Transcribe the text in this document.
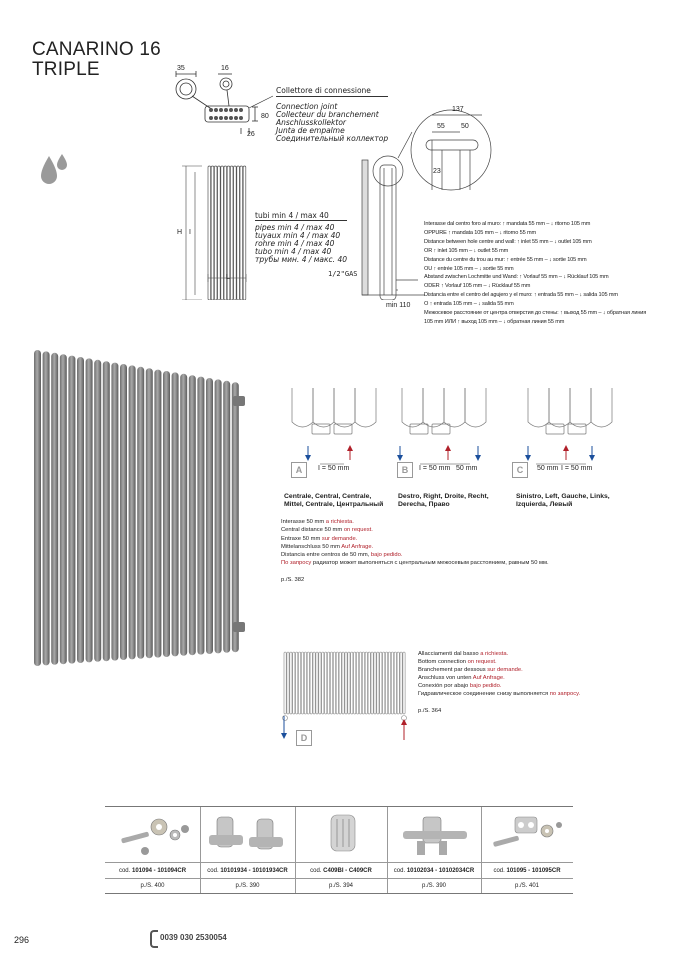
CANARINO 16
TRIPLE	35	16
80
26
Collettore di connessione
Connection joint
Collecteur du branchement
Anschlusskollektor
Junta de empalme
Соединительный коллектор
H I
L
tubi min 4 / max 40
pipes min 4 / max 40
tuyaux min 4 / max 40
rohre min 4 / max 40
tubo min 4 / max 40
трубы мин. 4 / макс. 40
137
55 50
23
1/2"GAS
min 110
Interasse dal centro foro al muro: ↑ mandata 55 mm – ↓ ritorno 105 mm
OPPURE ↑ mandata 105 mm – ↓ ritorno 55 mm
Distance between hole centre and wall: ↑ inlet 55 mm – ↓ outlet 105 mm
OR ↑ inlet 105 mm – ↓ outlet 55 mm
Distance du centre du trou au mur: ↑ entrée 55 mm – ↓ sortie 105 mm
OU ↑ entrée 105 mm – ↓ sortie 55 mm
Abstand zwischen Lochmitte und Wand: ↑ Vorlauf 55 mm – ↓ Rücklauf 105 mm
ODER ↑ Vorlauf 105 mm – ↓ Rücklauf 55 mm
Distancia entre el centro del agujero y el muro: ↑ entrada 55 mm – ↓ salida 105 mm
O ↑ entrada 105 mm – ↓ salida 55 mm
Межосевое расстояние от центра отверстия до стены: ↑ выход 55 mm – ↓ обратная линия
105 mm ИЛИ ↑ выход 105 mm – ↓ обратная линия 55 mm
A	I = 50 mm	B	I = 50 mm 50 mm	C	50 mm I = 50 mm
Centrale, Central, Centrale, Mittel, Centrale, Центральный
Destro, Right, Droite, Recht, Derecha, Право
Sinistro, Left, Gauche, Links, Izquierda, Левый
Interasse 50 mm a richiesta.
Central distance 50 mm on request.
Entraxe 50 mm sur demande.
Mittelanschluss 50 mm Auf Anfrage.
Distancia entre centros de 50 mm, bajo pedido.
По запросу радиатор может выполняться с центральным межосевым расстоянием, равным 50 мм.
p./S. 382
D
Allacciamenti dal basso a richiesta.
Bottom connection on request.
Branchement par dessous sur demande.
Anschluss von unten Auf Anfrage.
Conexión por abajo bajo pedido.
Гидравлическое соединение снизу выполняется по запросу.
p./S. 364
cod. 101094 - 101094CR	cod. 10101934 - 10101934CR	cod. C409BI - C409CR	cod. 10102034 - 10102034CR	cod. 101095 - 101095CR
p./S. 400	p./S. 390	p./S. 394	p./S. 390	p./S. 401
296	0039 030 2530054
